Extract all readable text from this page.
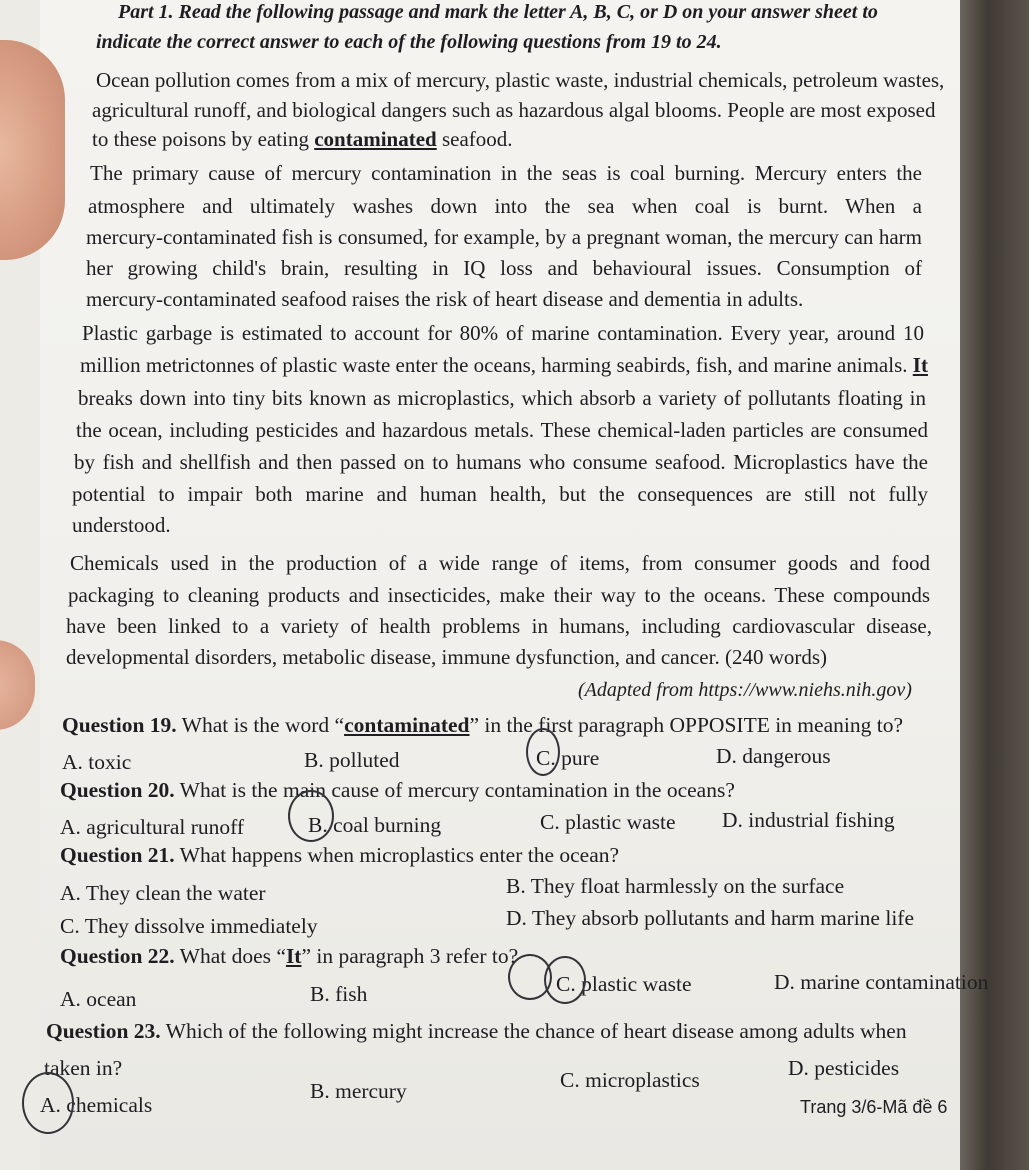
Part 1. Read the following passage and mark the letter A, B, C, or D on your answer sheet to
indicate the correct answer to each of the following questions from 19 to 24.
Ocean pollution comes from a mix of mercury, plastic waste, industrial chemicals, petroleum wastes,
agricultural runoff, and biological dangers such as hazardous algal blooms. People are most exposed
to these poisons by eating contaminated seafood.
The primary cause of mercury contamination in the seas is coal burning. Mercury enters the
atmosphere and ultimately washes down into the sea when coal is burnt. When a
mercury-contaminated fish is consumed, for example, by a pregnant woman, the mercury can harm
her growing child's brain, resulting in IQ loss and behavioural issues. Consumption of
mercury-contaminated seafood raises the risk of heart disease and dementia in adults.
Plastic garbage is estimated to account for 80% of marine contamination. Every year, around 10
million metrictonnes of plastic waste enter the oceans, harming seabirds, fish, and marine animals. It
breaks down into tiny bits known as microplastics, which absorb a variety of pollutants floating in
the ocean, including pesticides and hazardous metals. These chemical-laden particles are consumed
by fish and shellfish and then passed on to humans who consume seafood. Microplastics have the
potential to impair both marine and human health, but the consequences are still not fully
understood.
Chemicals used in the production of a wide range of items, from consumer goods and food
packaging to cleaning products and insecticides, make their way to the oceans. These compounds
have been linked to a variety of health problems in humans, including cardiovascular disease,
developmental disorders, metabolic disease, immune dysfunction, and cancer. (240 words)
(Adapted from https://www.niehs.nih.gov)
Question 19. What is the word “contaminated” in the first paragraph OPPOSITE in meaning to?
A. toxic	B. polluted	C. pure	D. dangerous
Question 20. What is the main cause of mercury contamination in the oceans?
A. agricultural runoff	B. coal burning	C. plastic waste D. industrial fishing
Question 21. What happens when microplastics enter the ocean?
A. They clean the water	B. They float harmlessly on the surface
C. They dissolve immediately	D. They absorb pollutants and harm marine life
Question 22. What does “It” in paragraph 3 refer to?
A. ocean	B. fish	C. plastic waste	D. marine contamination
Question 23. Which of the following might increase the chance of heart disease among adults when
taken in?
A. chemicals
B. mercury	C. microplastics	D. pesticides
Trang 3/6-Mã đề 6
